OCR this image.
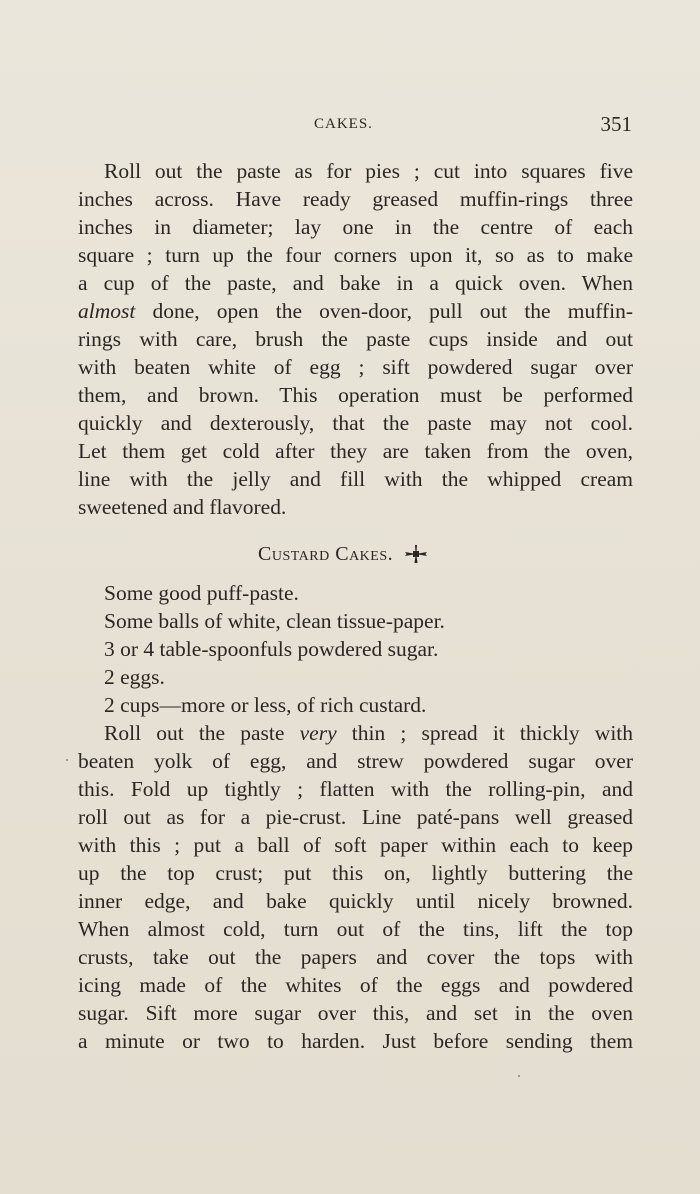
CAKES.	351

Roll out the paste as for pies ; cut into squares five

inches across. Have ready greased muffin-rings three

inches in diameter; lay one in the centre of each

square ; turn up the four corners upon it, so as to make

a cup of the paste, and bake in a quick oven. When

almost done, open the oven-door, pull out the muffin-

rings with care, brush the paste cups inside and out

with beaten white of egg ; sift powdered sugar over

them, and brown. This operation must be performed

quickly and dexterously, that the paste may not cool.

Let them get cold after they are taken from the oven,

line with the jelly and fill with the whipped cream

sweetened and flavored.

Custard Cakes.
Some good puff-paste.
Some balls of white, clean tissue-paper.
3 or 4 table-spoonfuls powdered sugar.
2 eggs.
2 cups—more or less, of rich custard.

Roll out the paste very thin ; spread it thickly with

beaten yolk of egg, and strew powdered sugar over

this. Fold up tightly ; flatten with the rolling-pin, and

roll out as for a pie-crust. Line paté-pans well greased

with this ; put a ball of soft paper within each to keep

up the top crust; put this on, lightly buttering the

inner edge, and bake quickly until nicely browned.

When almost cold, turn out of the tins, lift the top

crusts, take out the papers and cover the tops with

icing made of the whites of the eggs and powdered

sugar. Sift more sugar over this, and set in the oven

a minute or two to harden. Just before sending them
